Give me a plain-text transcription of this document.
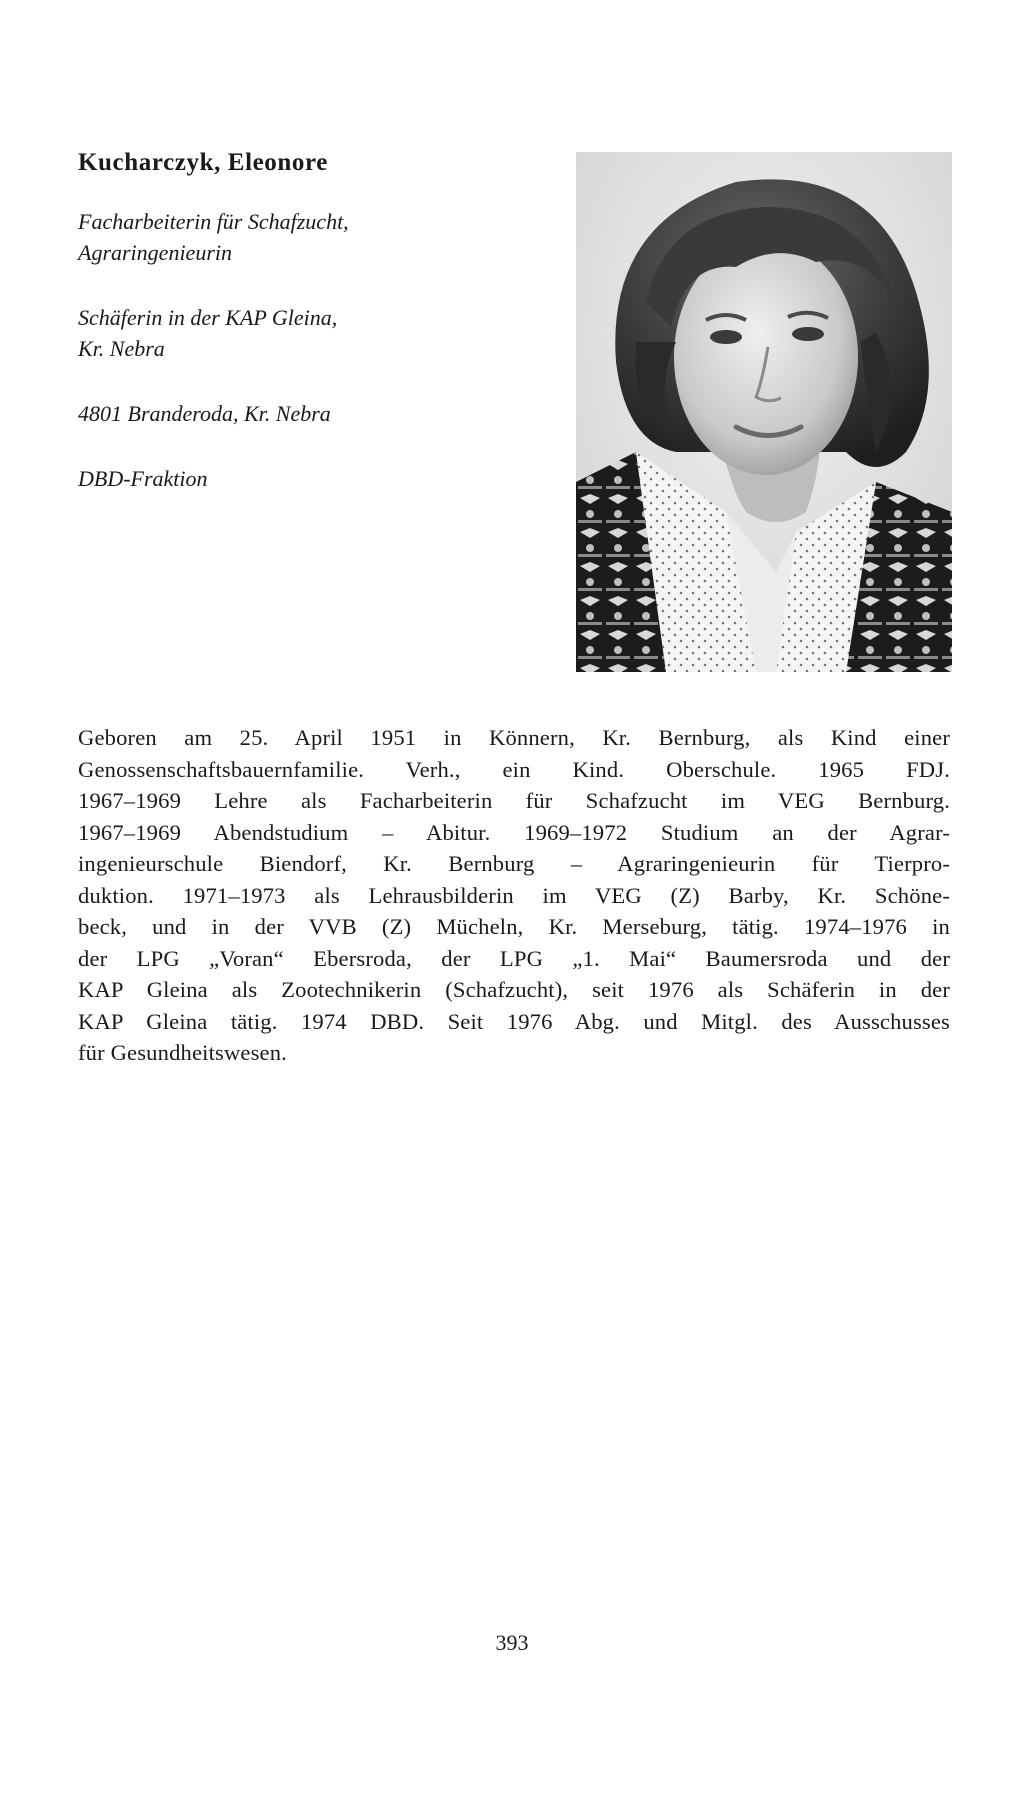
Kucharczyk, Eleonore
Facharbeiterin für Schafzucht,
Agraringenieurin
Schäferin in der KAP Gleina,
Kr. Nebra
4801 Branderoda, Kr. Nebra
DBD-Fraktion
Geboren am 25. April 1951 in Könnern, Kr. Bernburg, als Kind einer
Genossenschaftsbauernfamilie. Verh., ein Kind. Oberschule. 1965 FDJ.
1967–1969 Lehre als Facharbeiterin für Schafzucht im VEG Bernburg.
1967–1969 Abendstudium – Abitur. 1969–1972 Studium an der Agrar-
ingenieurschule Biendorf, Kr. Bernburg – Agraringenieurin für Tierpro-
duktion. 1971–1973 als Lehrausbilderin im VEG (Z) Barby, Kr. Schöne-
beck, und in der VVB (Z) Mücheln, Kr. Merseburg, tätig. 1974–1976 in
der LPG „Voran“ Ebersroda, der LPG „1. Mai“ Baumersroda und der
KAP Gleina als Zootechnikerin (Schafzucht), seit 1976 als Schäferin in der
KAP Gleina tätig. 1974 DBD. Seit 1976 Abg. und Mitgl. des Ausschusses
für Gesundheitswesen.
393
